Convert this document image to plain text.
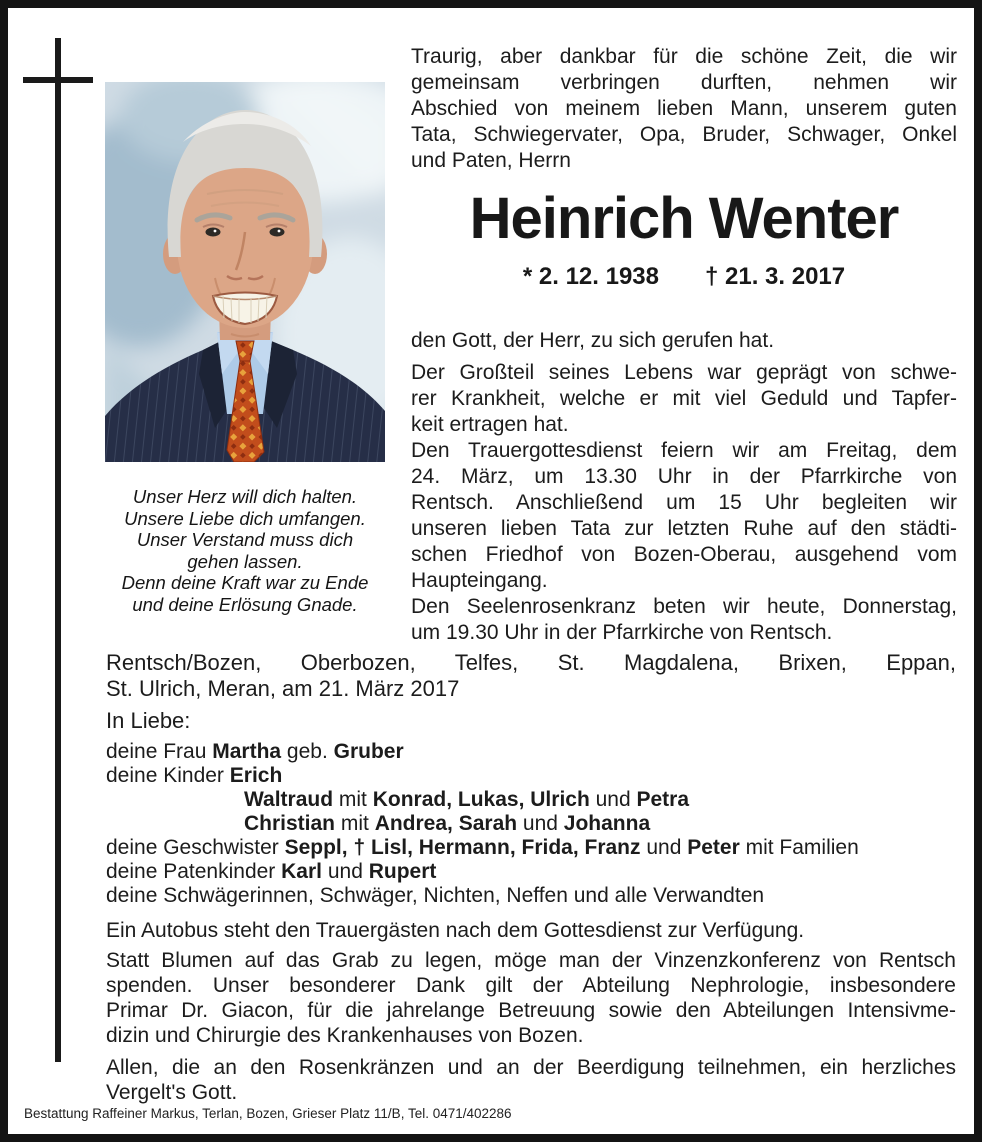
Unser Herz will dich halten.
Unsere Liebe dich umfangen.
Unser Verstand muss dich
gehen lassen.
Denn deine Kraft war zu Ende
und deine Erlösung Gnade.
Traurig, aber dankbar für die schöne Zeit, die wir
gemeinsam verbringen durften, nehmen wir
Abschied von meinem lieben Mann, unserem guten
Tata, Schwiegervater, Opa, Bruder, Schwager, Onkel
und Paten, Herrn
Heinrich Wenter
* 2. 12. 1938 † 21. 3. 2017
den Gott, der Herr, zu sich gerufen hat.
Der Großteil seines Lebens war geprägt von schwe-
rer Krankheit, welche er mit viel Geduld und Tapfer-
keit ertragen hat.
Den Trauergottesdienst feiern wir am Freitag, dem
24. März, um 13.30 Uhr in der Pfarrkirche von
Rentsch. Anschließend um 15 Uhr begleiten wir
unseren lieben Tata zur letzten Ruhe auf den städti-
schen Friedhof von Bozen-Oberau, ausgehend vom
Haupteingang.
Den Seelenrosenkranz beten wir heute, Donnerstag,
um 19.30 Uhr in der Pfarrkirche von Rentsch.
Rentsch/Bozen, Oberbozen, Telfes, St. Magdalena, Brixen, Eppan,
St. Ulrich, Meran, am 21. März 2017
In Liebe:
deine Frau Martha geb. Gruber
deine Kinder Erich
Waltraud mit Konrad, Lukas, Ulrich und Petra
Christian mit Andrea, Sarah und Johanna
deine Geschwister Seppl, † Lisl, Hermann, Frida, Franz und Peter mit Familien
deine Patenkinder Karl und Rupert
deine Schwägerinnen, Schwäger, Nichten, Neffen und alle Verwandten
Ein Autobus steht den Trauergästen nach dem Gottesdienst zur Verfügung.
Statt Blumen auf das Grab zu legen, möge man der Vinzenzkonferenz von Rentsch
spenden. Unser besonderer Dank gilt der Abteilung Nephrologie, insbesondere
Primar Dr. Giacon, für die jahrelange Betreuung sowie den Abteilungen Intensivme-
dizin und Chirurgie des Krankenhauses von Bozen.
Allen, die an den Rosenkränzen und an der Beerdigung teilnehmen, ein herzliches
Vergelt's Gott.
Bestattung Raffeiner Markus, Terlan, Bozen, Grieser Platz 11/B, Tel. 0471/402286
